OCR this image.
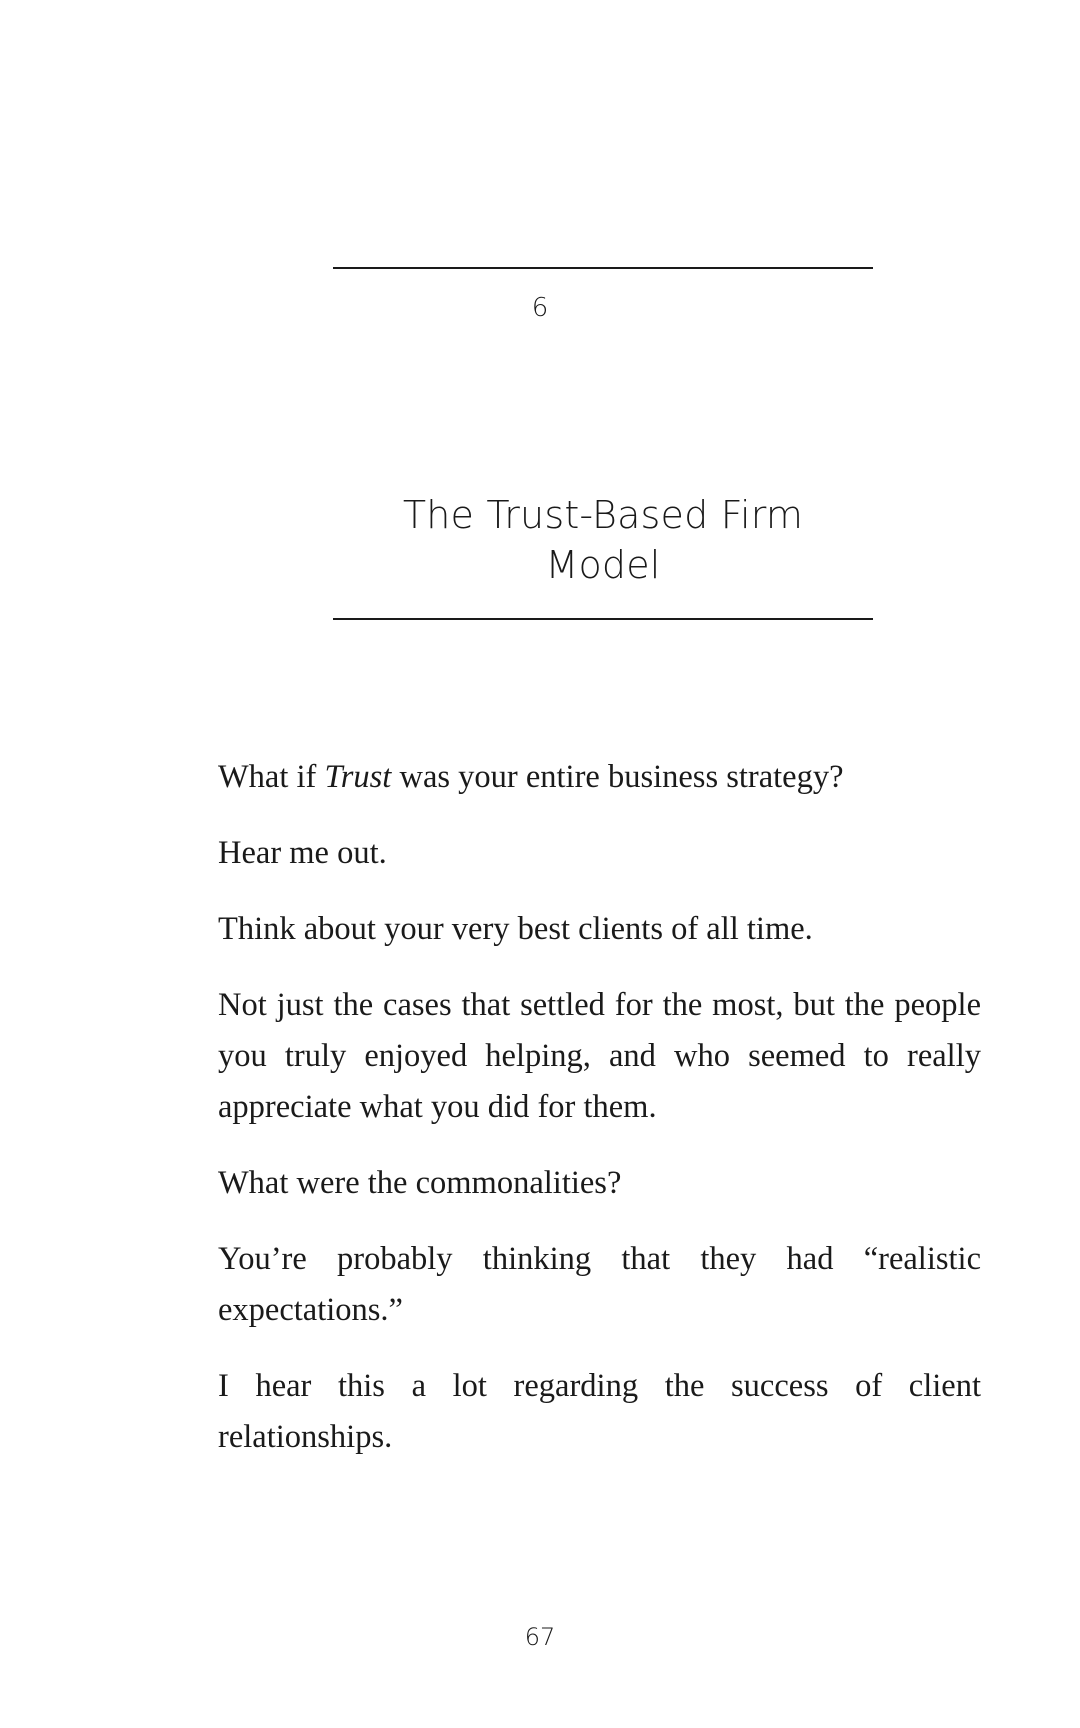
6
The Trust-Based Firm
Model

What if Trust was your entire business strategy?

Hear me out.

Think about your very best clients of all time.

Not just the cases that settled for the most, but the people you truly enjoyed helping, and who seemed to really appreciate what you did for them.

What were the commonalities?

You’re probably thinking that they had “realistic expectations.”

I hear this a lot regarding the success of client relationships.

67
